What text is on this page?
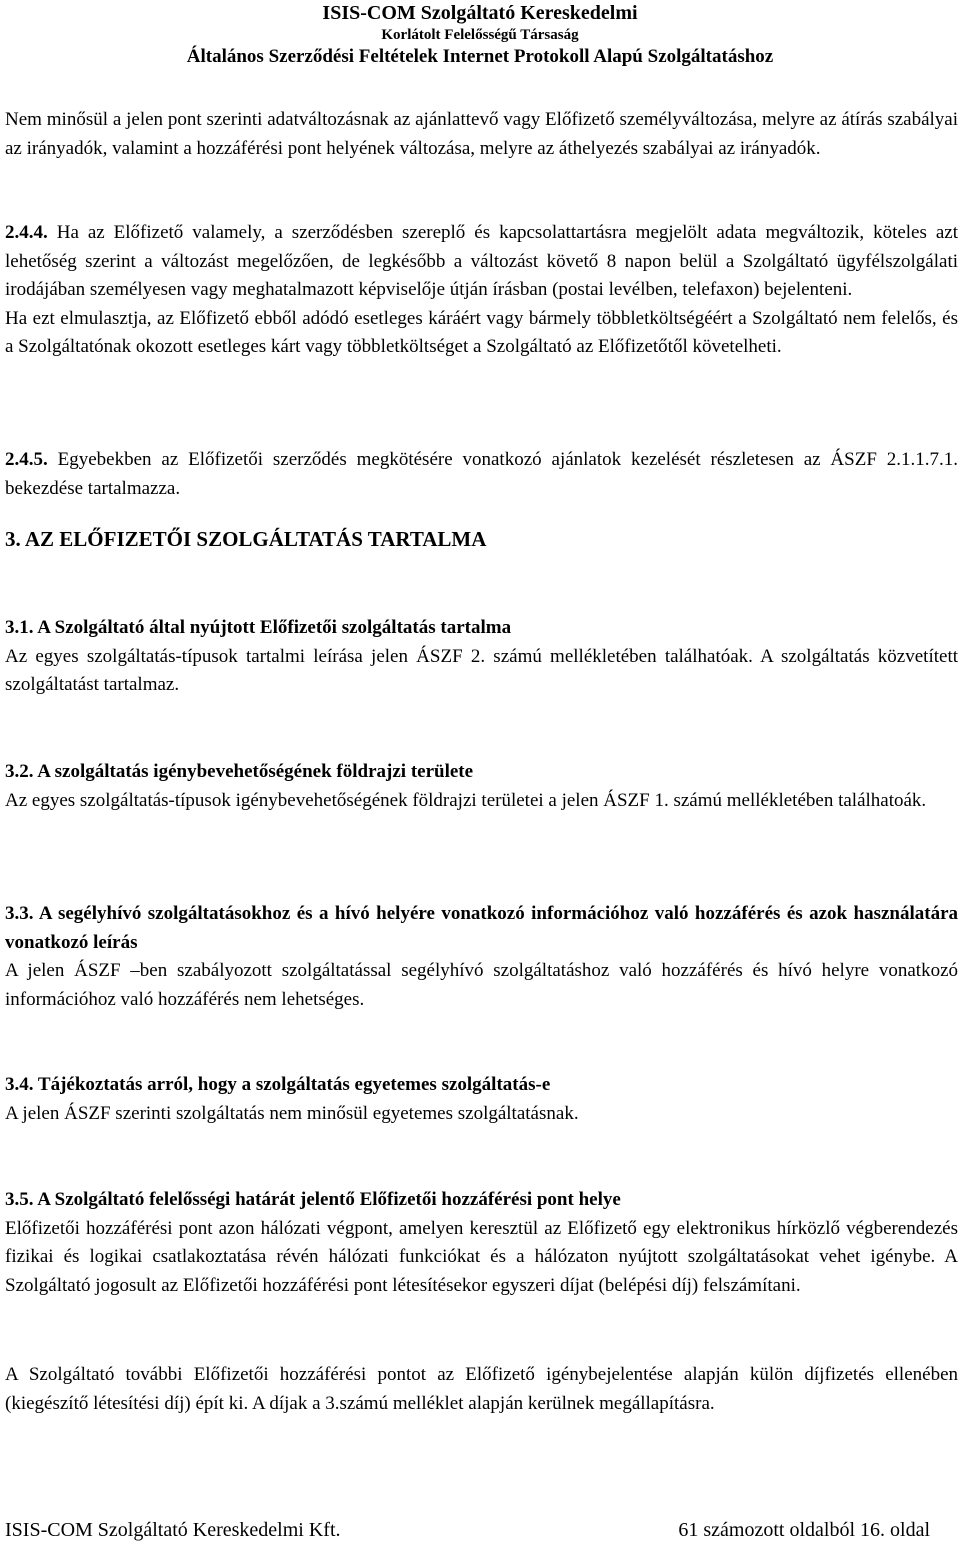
ISIS-COM Szolgáltató Kereskedelmi
Korlátolt Felelősségű Társaság
Általános Szerződési Feltételek Internet Protokoll Alapú Szolgáltatáshoz

Nem minősül a jelen pont szerinti adatváltozásnak az ajánlattevő vagy Előfizető személyváltozása, melyre az átírás szabályai az irányadók, valamint a hozzáférési pont helyének változása, melyre az áthelyezés szabályai az irányadók.

2.4.4. Ha az Előfizető valamely, a szerződésben szereplő és kapcsolattartásra megjelölt adata megváltozik, köteles azt lehetőség szerint a változást megelőzően, de legkésőbb a változást követő 8 napon belül a Szolgáltató ügyfélszolgálati irodájában személyesen vagy meghatalmazott képviselője útján írásban (postai levélben, telefaxon) bejelenteni.

Ha ezt elmulasztja, az Előfizető ebből adódó esetleges káráért vagy bármely többletköltségéért a Szolgáltató nem felelős, és a Szolgáltatónak okozott esetleges kárt vagy többletköltséget a Szolgáltató az Előfizetőtől követelheti.

2.4.5. Egyebekben az Előfizetői szerződés megkötésére vonatkozó ajánlatok kezelését részletesen az ÁSZF 2.1.1.7.1. bekezdése tartalmazza.

3. AZ ELŐFIZETŐI SZOLGÁLTATÁS TARTALMA
3.1. A Szolgáltató által nyújtott Előfizetői szolgáltatás tartalma

Az egyes szolgáltatás-típusok tartalmi leírása jelen ÁSZF 2. számú mellékletében találhatóak. A szolgáltatás közvetített szolgáltatást tartalmaz.

3.2. A szolgáltatás igénybevehetőségének földrajzi területe

Az egyes szolgáltatás-típusok igénybevehetőségének földrajzi területei a jelen ÁSZF 1. számú mellékletében találhatoák.

3.3. A segélyhívó szolgáltatásokhoz és a hívó helyére vonatkozó információhoz való hozzáférés és azok használatára vonatkozó leírás

A jelen ÁSZF –ben szabályozott szolgáltatással segélyhívó szolgáltatáshoz való hozzáférés és hívó helyre vonatkozó információhoz való hozzáférés nem lehetséges.

3.4. Tájékoztatás arról, hogy a szolgáltatás egyetemes szolgáltatás-e

A jelen ÁSZF szerinti szolgáltatás nem minősül egyetemes szolgáltatásnak.

3.5. A Szolgáltató felelősségi határát jelentő Előfizetői hozzáférési pont helye

Előfizetői hozzáférési pont azon hálózati végpont, amelyen keresztül az Előfizető egy elektronikus hírközlő végberendezés fizikai és logikai csatlakoztatása révén hálózati funkciókat és a hálózaton nyújtott szolgáltatásokat vehet igénybe. A Szolgáltató jogosult az Előfizetői hozzáférési pont létesítésekor egyszeri díjat (belépési díj) felszámítani.

A Szolgáltató további Előfizetői hozzáférési pontot az Előfizető igénybejelentése alapján külön díjfizetés ellenében (kiegészítő létesítési díj) épít ki. A díjak a 3.számú melléklet alapján kerülnek megállapításra.

ISIS-COM Szolgáltató Kereskedelmi Kft.	61 számozott oldalból 16. oldal
